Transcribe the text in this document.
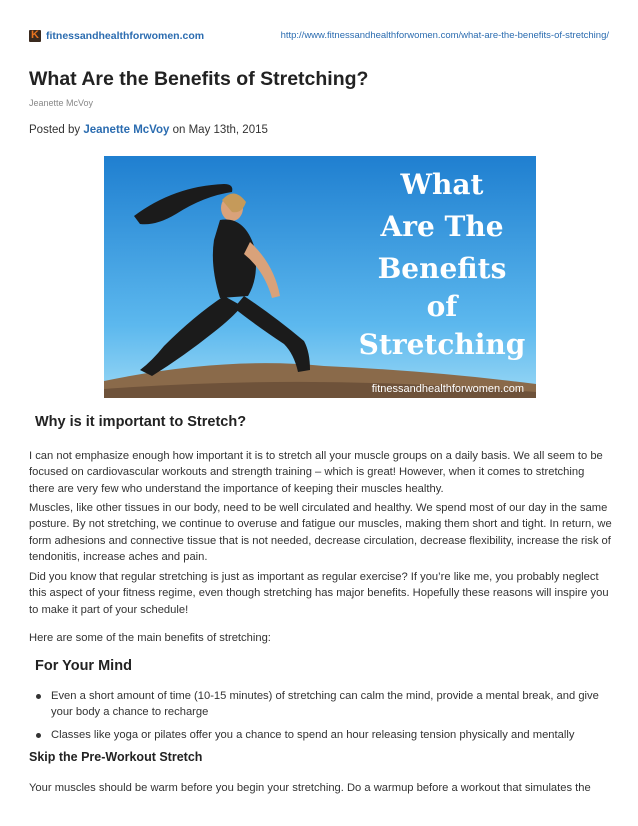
K fitnessandhealthforwomen.com	http://www.fitnessandhealthforwomen.com/what-are-the-benefits-of-stretching/
What Are the Benefits of Stretching?
Jeanette McVoy
Posted by Jeanette McVoy on May 13th, 2015
What
Are The
Benefits
of
Stretching
fitnessandhealthforwomen.com
Why is it important to Stretch?

I can not emphasize enough how important it is to stretch all your muscle groups on a daily basis. We all seem to be focused on cardiovascular workouts and strength training – which is great! However, when it comes to stretching there are very few who understand the importance of keeping their muscles healthy.

Muscles, like other tissues in our body, need to be well circulated and healthy. We spend most of our day in the same posture. By not stretching, we continue to overuse and fatigue our muscles, making them short and tight. In return, we form adhesions and connective tissue that is not needed, decrease circulation, decrease flexibility, increase the risk of tendonitis, increase aches and pain.

Did you know that regular stretching is just as important as regular exercise? If you’re like me, you probably neglect this aspect of your fitness regime, even though stretching has major benefits. Hopefully these reasons will inspire you to make it part of your schedule!

Here are some of the main benefits of stretching:

For Your Mind
Even a short amount of time (10-15 minutes) of stretching can calm the mind, provide a mental break, and give your body a chance to recharge
Classes like yoga or pilates offer you a chance to spend an hour releasing tension physically and mentally
Skip the Pre-Workout Stretch

Your muscles should be warm before you begin your stretching. Do a warmup before a workout that simulates the
